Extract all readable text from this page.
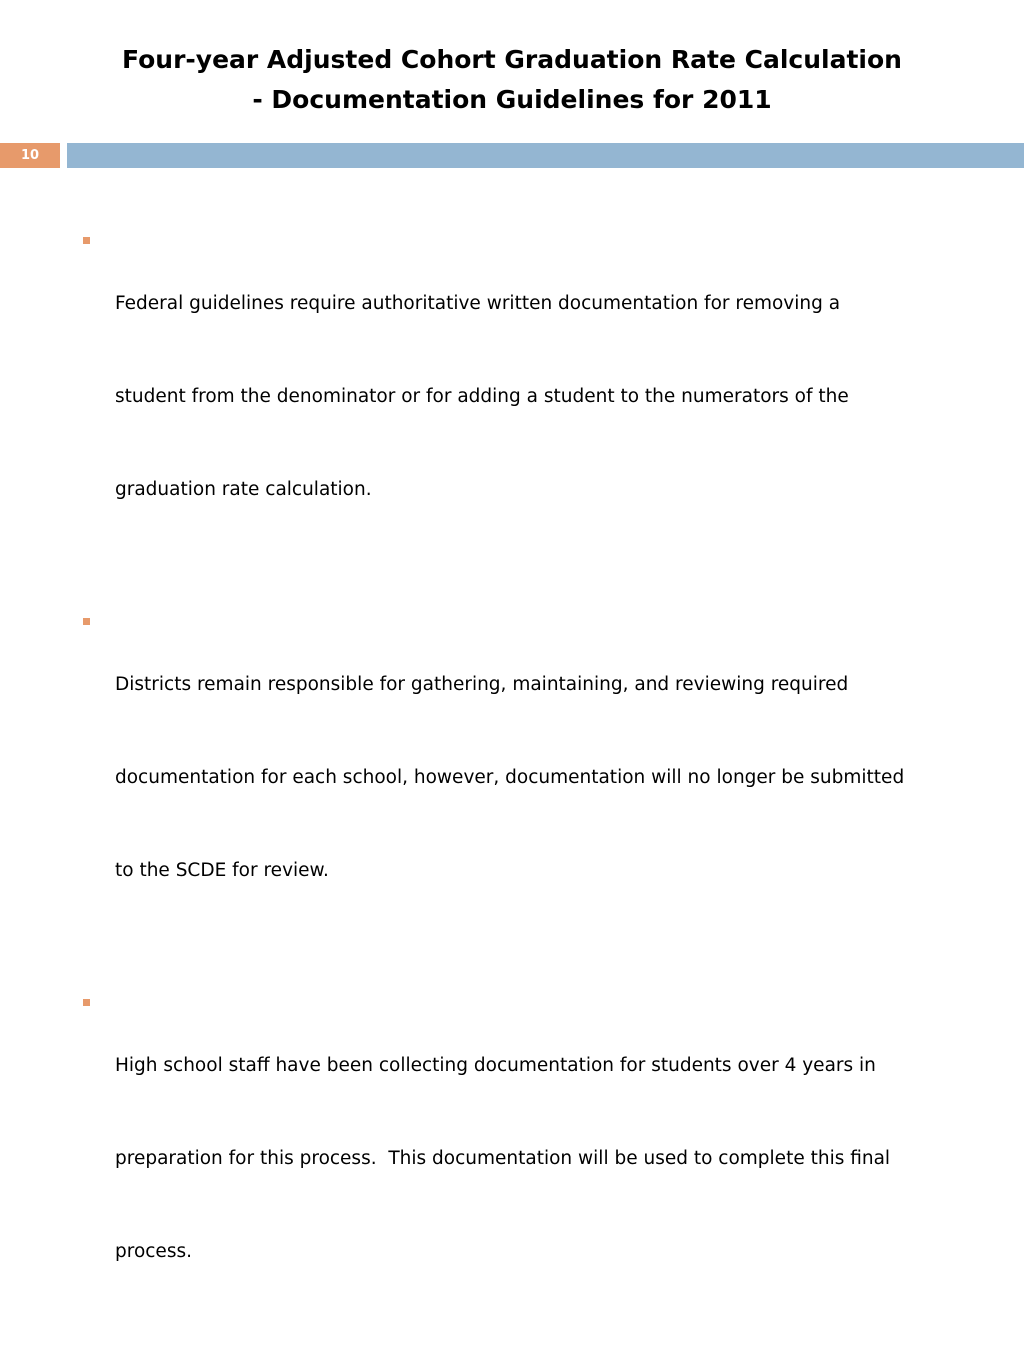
Four-year Adjusted Cohort Graduation Rate Calculation
- Documentation Guidelines for 2011
10

Federal guidelines require authoritative written documentation for removing a

student from the denominator or for adding a student to the numerators of the

graduation rate calculation.

Districts remain responsible for gathering, maintaining, and reviewing required

documentation for each school, however, documentation will no longer be submitted

to the SCDE for review.

High school staff have been collecting documentation for students over 4 years in

preparation for this process.  This documentation will be used to complete this final

process.
